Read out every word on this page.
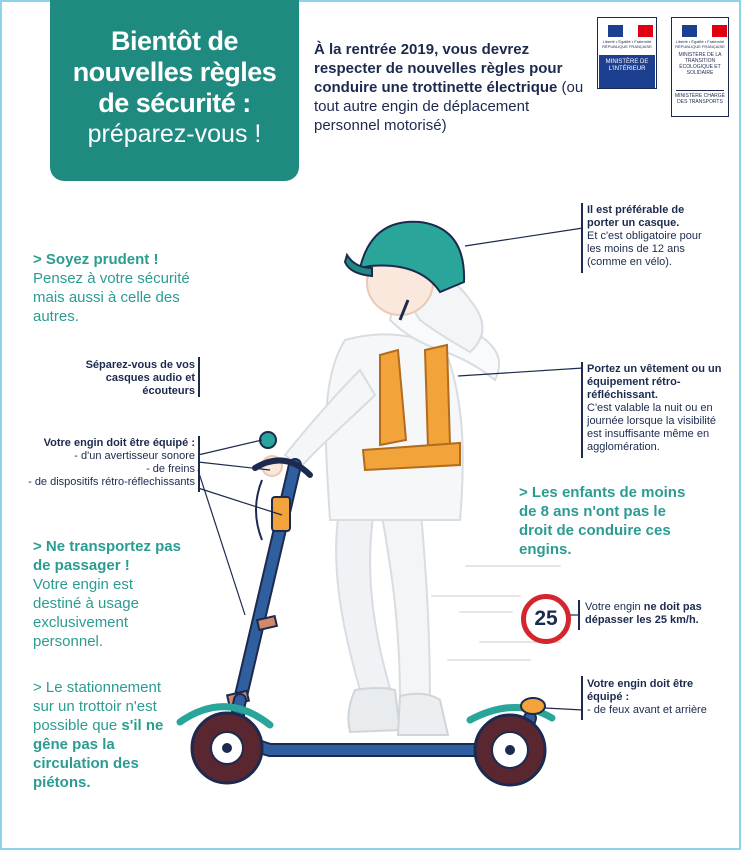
Bientôt de
nouvelles règles
de sécurité :
préparez-vous !
À la rentrée 2019, vous devrez respecter de nouvelles règles pour conduire une trottinette électrique (ou tout autre engin de déplacement personnel motorisé)
Liberté • Égalité • Fraternité RÉPUBLIQUE FRANÇAISE
MINISTÈRE DE L'INTÉRIEUR
Liberté • Égalité • Fraternité RÉPUBLIQUE FRANÇAISE
MINISTÈRE DE LA TRANSITION ÉCOLOGIQUE ET SOLIDAIRE
MINISTÈRE CHARGÉ DES TRANSPORTS
> Soyez prudent !
Pensez à votre sécurité mais aussi à celle des autres.
Séparez-vous de vos casques audio et écouteurs
Votre engin doit être équipé :
- d'un avertisseur sonore
- de freins
- de dispositifs rétro-réflechissants
> Ne transportez pas de passager !
Votre engin est destiné à usage exclusivement personnel.
> Le stationnement sur un trottoir n'est possible que s'il ne gêne pas la circulation des piétons.
Il est préférable de porter un casque.
Et c'est obligatoire pour les moins de 12 ans (comme en vélo).
Portez un vêtement ou un équipement rétro-réfléchissant.
C'est valable la nuit ou en journée lorsque la visibilité est insuffisante même en agglomération.
> Les enfants de moins de 8 ans n'ont pas le droit de conduire ces engins.
25	Votre engin ne doit pas dépasser les 25 km/h.
Votre engin doit être équipé :
- de feux avant et arrière
